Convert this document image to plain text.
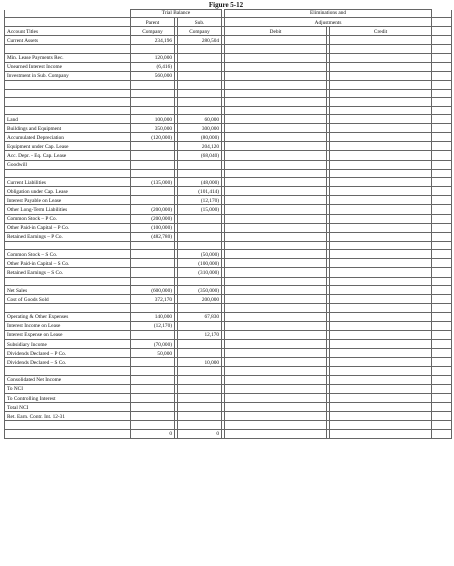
Figure 5-12
	Trial Balance				Eliminations and			
	Parent		Sub.		Adjustments			
Account Titles	Company		Company		Debit		Credit	
Current Assets	234,196		280,504					

Min. Lease Payments Rec.	120,000							
Unearned Interest Income	(6,416)							
Investment in Sub. Company	560,000							

Land	100,000		60,000					
Buildings and Equipment	350,000		300,000					
Accumulated Depreciation	(120,000)		(80,000)					
Equipment under Cap. Lease			204,120					
Acc. Depr. - Eq. Cap. Lease			(68,040)					
Goodwill								

Current Liabilities	(135,000)		(48,000)					
Obligation under Cap. Lease			(101,414)					
Interest Payable on Lease			(12,170)					
Other Long-Term Liabilities	(200,000)		(15,000)					
Common Stock – P Co.	(200,000)							
Other Paid-in Capital – P Co.	(100,000)							
Retained Earnings – P Co.	(482,780)							

Common Stock – S Co.			(50,000)					
Other Paid-in Capital – S Co.			(100,000)					
Retained Earnings – S Co.			(310,000)					

Net Sales	(600,000)		(350,000)					
Cost of Goods Sold	372,170		200,000					

Operating & Other Expenses	140,000		67,830					
Interest Income on Lease	(12,170)							
Interest Expense on Lease			12,170					
Subsidiary Income	(70,000)							
Dividends Declared – P Co.	50,000							
Dividends Declared – S Co.			10,000					

Consolidated Net Income								
To NCI								
To Controlling Interest								
Total NCI								
Ret. Earn. Contr. Int. 12-31								

	0		0					
